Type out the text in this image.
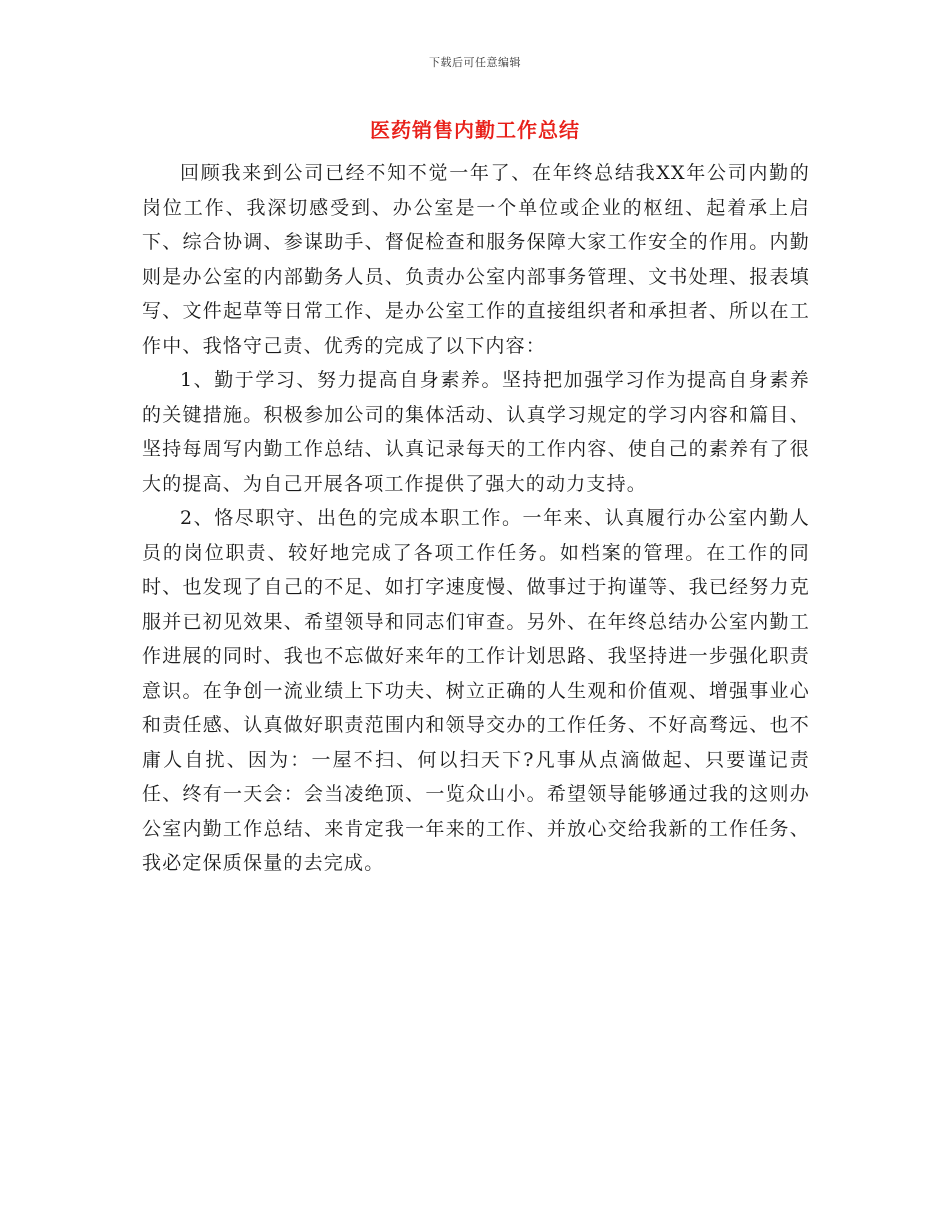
下载后可任意编辑
医药销售内勤工作总结

回顾我来到公司已经不知不觉一年了、在年终总结我XX年公司内勤的岗位工作、我深切感受到、办公室是一个单位或企业的枢纽、起着承上启下、综合协调、参谋助手、督促检查和服务保障大家工作安全的作用。内勤则是办公室的内部勤务人员、负责办公室内部事务管理、文书处理、报表填写、文件起草等日常工作、是办公室工作的直接组织者和承担者、所以在工作中、我恪守己责、优秀的完成了以下内容：

1、勤于学习、努力提高自身素养。坚持把加强学习作为提高自身素养的关键措施。积极参加公司的集体活动、认真学习规定的学习内容和篇目、坚持每周写内勤工作总结、认真记录每天的工作内容、使自己的素养有了很大的提高、为自己开展各项工作提供了强大的动力支持。

2、恪尽职守、出色的完成本职工作。一年来、认真履行办公室内勤人员的岗位职责、较好地完成了各项工作任务。如档案的管理。在工作的同时、也发现了自己的不足、如打字速度慢、做事过于拘谨等、我已经努力克服并已初见效果、希望领导和同志们审查。另外、在年终总结办公室内勤工作进展的同时、我也不忘做好来年的工作计划思路、我坚持进一步强化职责意识。在争创一流业绩上下功夫、树立正确的人生观和价值观、增强事业心和责任感、认真做好职责范围内和领导交办的工作任务、不好高骛远、也不庸人自扰、因为：一屋不扫、何以扫天下?凡事从点滴做起、只要谨记责任、终有一天会：会当凌绝顶、一览众山小。希望领导能够通过我的这则办公室内勤工作总结、来肯定我一年来的工作、并放心交给我新的工作任务、我必定保质保量的去完成。
